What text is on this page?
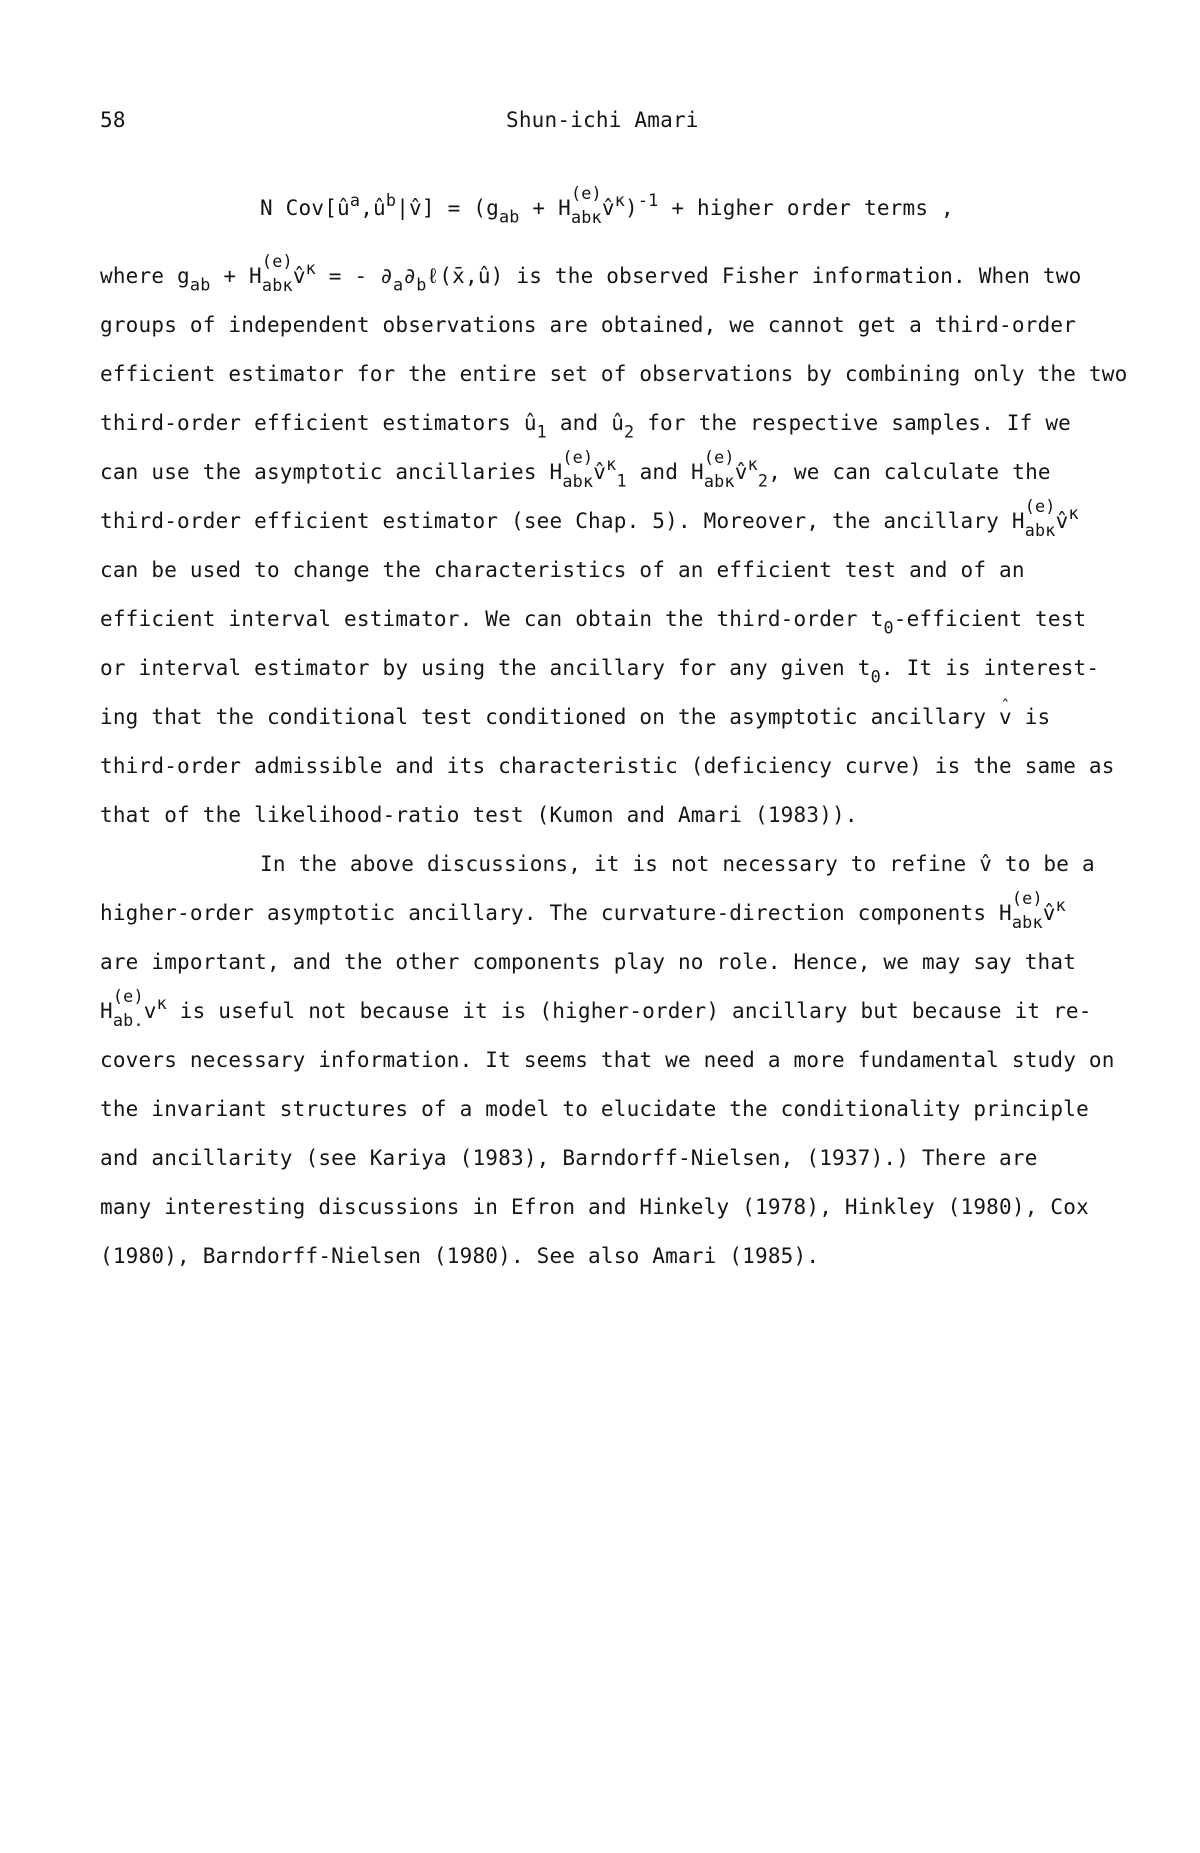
58	Shun-ichi Amari
N $Cov[û^a,û^b|v̂] = (g_{ab} + H$
(e)
abκv̂$^\kappa$)$^{-1}$ + higher order terms ,
where $g_{ab} + H$
(e)
abκv̂$^\kappa$ = - $\partial_a\partial_b\ell(x̄,û)$ is the observed Fisher information. When two
groups of independent observations are obtained, we cannot get a third-order
efficient estimator for the entire set of observations by combining only the two
third-order efficient estimators $û_1$ and $û_2$ for the respective samples. If we
can use the asymptotic ancillaries H
(e)
abκv̂$^\kappa_1$ and H
(e)
abκv̂$^\kappa_2$, we can calculate the
third-order efficient estimator (see Chap. 5). Moreover, the ancillary H
(e)
abκv̂$^\kappa$
can be used to change the characteristics of an efficient test and of an
efficient interval estimator. We can obtain the third-order $t_0$-efficient test
or interval estimator by using the ancillary for any given $t_0$. It is interest-
ing that the conditional test conditioned on the asymptotic ancillary v ˆ is
third-order admissible and its characteristic (deficiency curve) is the same as
that of the likelihood-ratio test (Kumon and Amari (1983)).
In the above discussions, it is not necessary to refine v̂ to be a
higher-order asymptotic ancillary. The curvature-direction components H
(e)
abκv̂$^\kappa$
are important, and the other components play no role. Hence, we may say that
H
(e)
$ab.v^\kappa$ is useful not because it is (higher-order) ancillary but because it re-
covers necessary information. It seems that we need a more fundamental study on
the invariant structures of a model to elucidate the conditionality principle
and ancillarity (see Kariya (1983), Barndorff-Nielsen, (1937).) There are
many interesting discussions in Efron and Hinkely (1978), Hinkley (1980), Cox
(1980), Barndorff-Nielsen (1980). See also Amari (1985).
